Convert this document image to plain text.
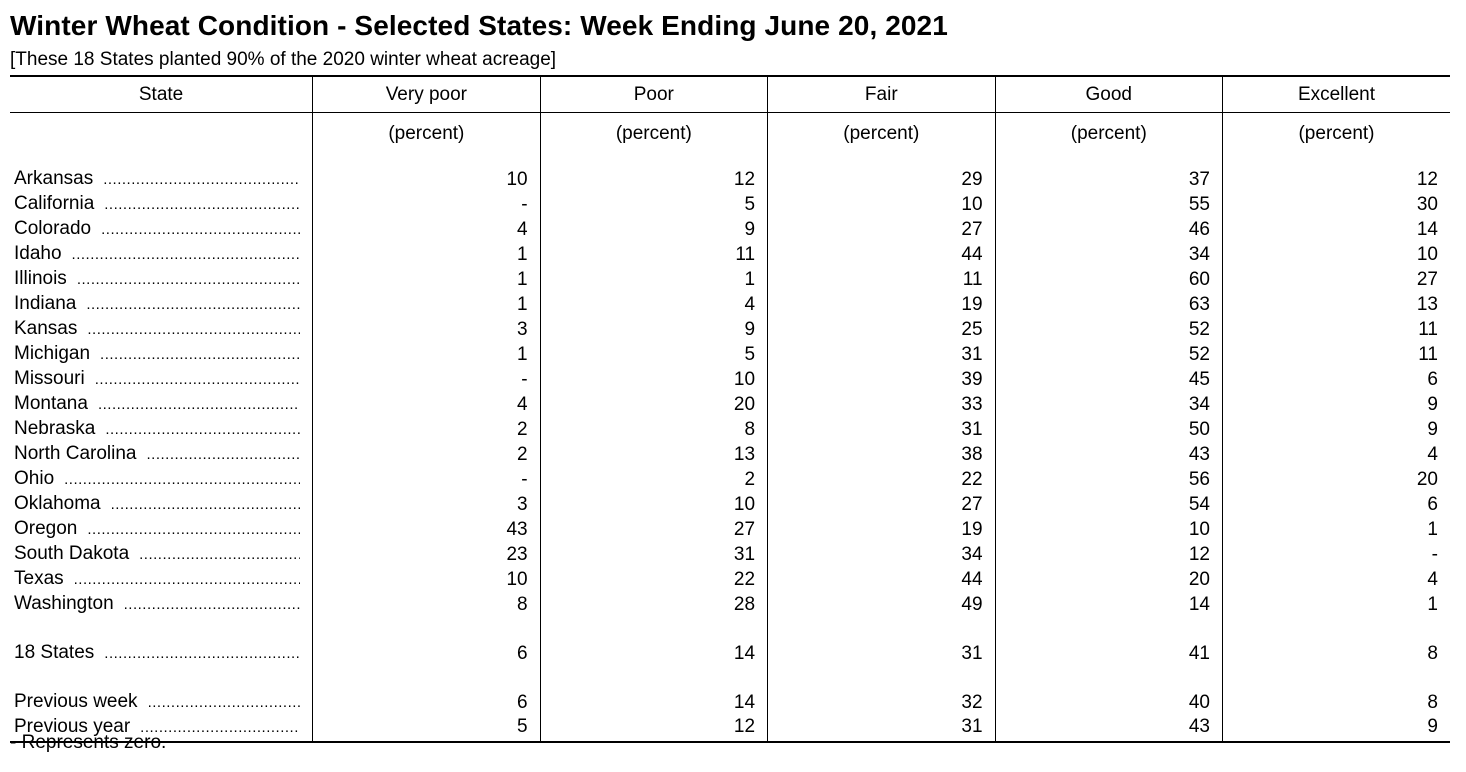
Winter Wheat Condition - Selected States: Week Ending June 20, 2021
[These 18 States planted 90% of the 2020 winter wheat acreage]
State	Very poor	Poor	Fair	Good	Excellent
	(percent)	(percent)	(percent)	(percent)	(percent)

Arkansas
.....	10	12	29	37	12

California
.....	-	5	10	55	30

Colorado
.....	4	9	27	46	14

Idaho
.....	1	11	44	34	10

Illinois
.....	1	1	11	60	27

Indiana
.....	1	4	19	63	13

Kansas
.....	3	9	25	52	11

Michigan
.....	1	5	31	52	11

Missouri
.....	-	10	39	45	6

Montana
.....	4	20	33	34	9

Nebraska
.....	2	8	31	50	9

North Carolina
.....	2	13	38	43	4

Ohio
.....	-	2	22	56	20

Oklahoma
.....	3	10	27	54	6

Oregon
.....	43	27	19	10	1

South Dakota
.....	23	31	34	12	-

Texas
.....	10	22	44	20	4

Washington
.....	8	28	49	14	1

18 States
.....	6	14	31	41	8

Previous week
.....	6	14	32	40	8

Previous year
.....	5	12	31	43	9
- Represents zero.
